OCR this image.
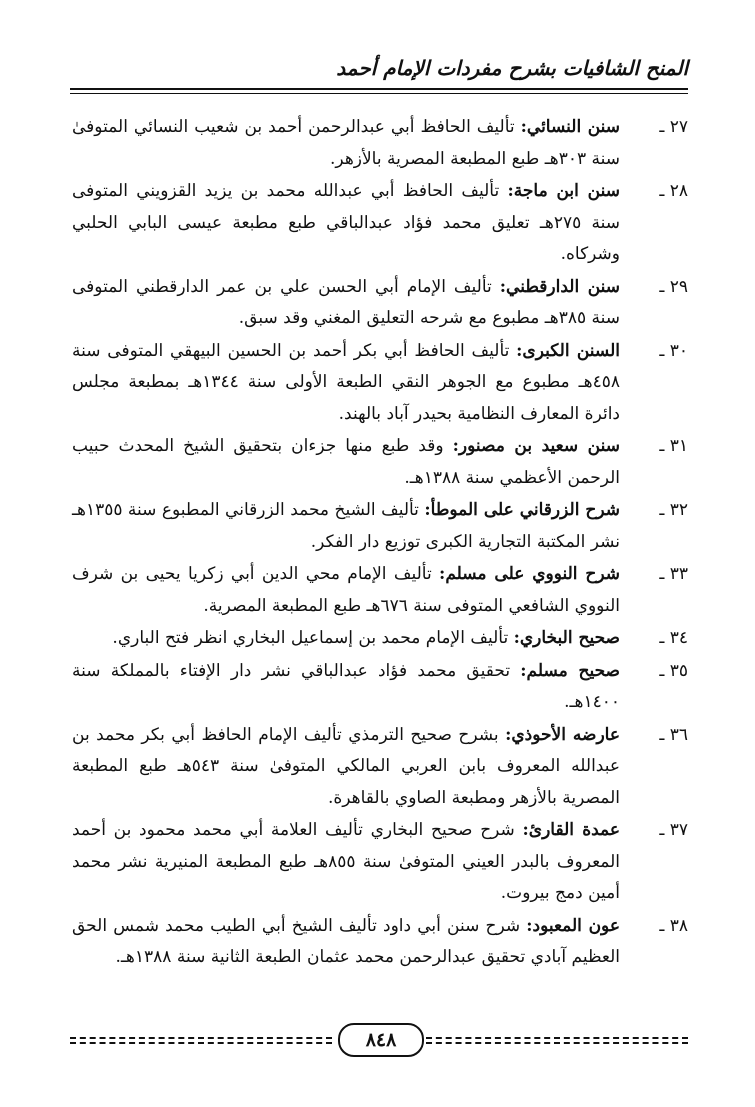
المنح الشافيات بشرح مفردات الإمام أحمد
٢٧ ـ
سنن النسائي: تأليف الحافظ أبي عبدالرحمن أحمد بن شعيب النسائي المتوفىٰ سنة ٣٠٣هـ طبع المطبعة المصرية بالأزهر.
٢٨ ـ
سنن ابن ماجة: تأليف الحافظ أبي عبدالله محمد بن يزيد القزويني المتوفى سنة ٢٧٥هـ تعليق محمد فؤاد عبدالباقي طبع مطبعة عيسى البابي الحلبي وشركاه.
٢٩ ـ
سنن الدارقطني: تأليف الإمام أبي الحسن علي بن عمر الدارقطني المتوفى سنة ٣٨٥هـ مطبوع مع شرحه التعليق المغني وقد سبق.
٣٠ ـ
السنن الكبرى: تأليف الحافظ أبي بكر أحمد بن الحسين البيهقي المتوفى سنة ٤٥٨هـ مطبوع مع الجوهر النقي الطبعة الأولى سنة ١٣٤٤هـ بمطبعة مجلس دائرة المعارف النظامية بحيدر آباد بالهند.
٣١ ـ
سنن سعيد بن مصنور: وقد طبع منها جزءان بتحقيق الشيخ المحدث حبيب الرحمن الأعظمي سنة ١٣٨٨هـ.
٣٢ ـ
شرح الزرقاني على الموطأ: تأليف الشيخ محمد الزرقاني المطبوع سنة ١٣٥٥هـ نشر المكتبة التجارية الكبرى توزيع دار الفكر.
٣٣ ـ
شرح النووي على مسلم: تأليف الإمام محي الدين أبي زكريا يحيى بن شرف النووي الشافعي المتوفى سنة ٦٧٦هـ طبع المطبعة المصرية.
٣٤ ـ
صحيح البخاري: تأليف الإمام محمد بن إسماعيل البخاري انظر فتح الباري.
٣٥ ـ
صحيح مسلم: تحقيق محمد فؤاد عبدالباقي نشر دار الإفتاء بالمملكة سنة ١٤٠٠هـ.
٣٦ ـ
عارضه الأحوذي: بشرح صحيح الترمذي تأليف الإمام الحافظ أبي بكر محمد بن عبدالله المعروف بابن العربي المالكي المتوفىٰ سنة ٥٤٣هـ طبع المطبعة المصرية بالأزهر ومطبعة الصاوي بالقاهرة.
٣٧ ـ
عمدة القارئ: شرح صحيح البخاري تأليف العلامة أبي محمد محمود بن أحمد المعروف بالبدر العيني المتوفىٰ سنة ٨٥٥هـ طبع المطبعة المنيرية نشر محمد أمين دمج بيروت.
٣٨ ـ
عون المعبود: شرح سنن أبي داود تأليف الشيخ أبي الطيب محمد شمس الحق العظيم آبادي تحقيق عبدالرحمن محمد عثمان الطبعة الثانية سنة ١٣٨٨هـ.
٨٤٨
